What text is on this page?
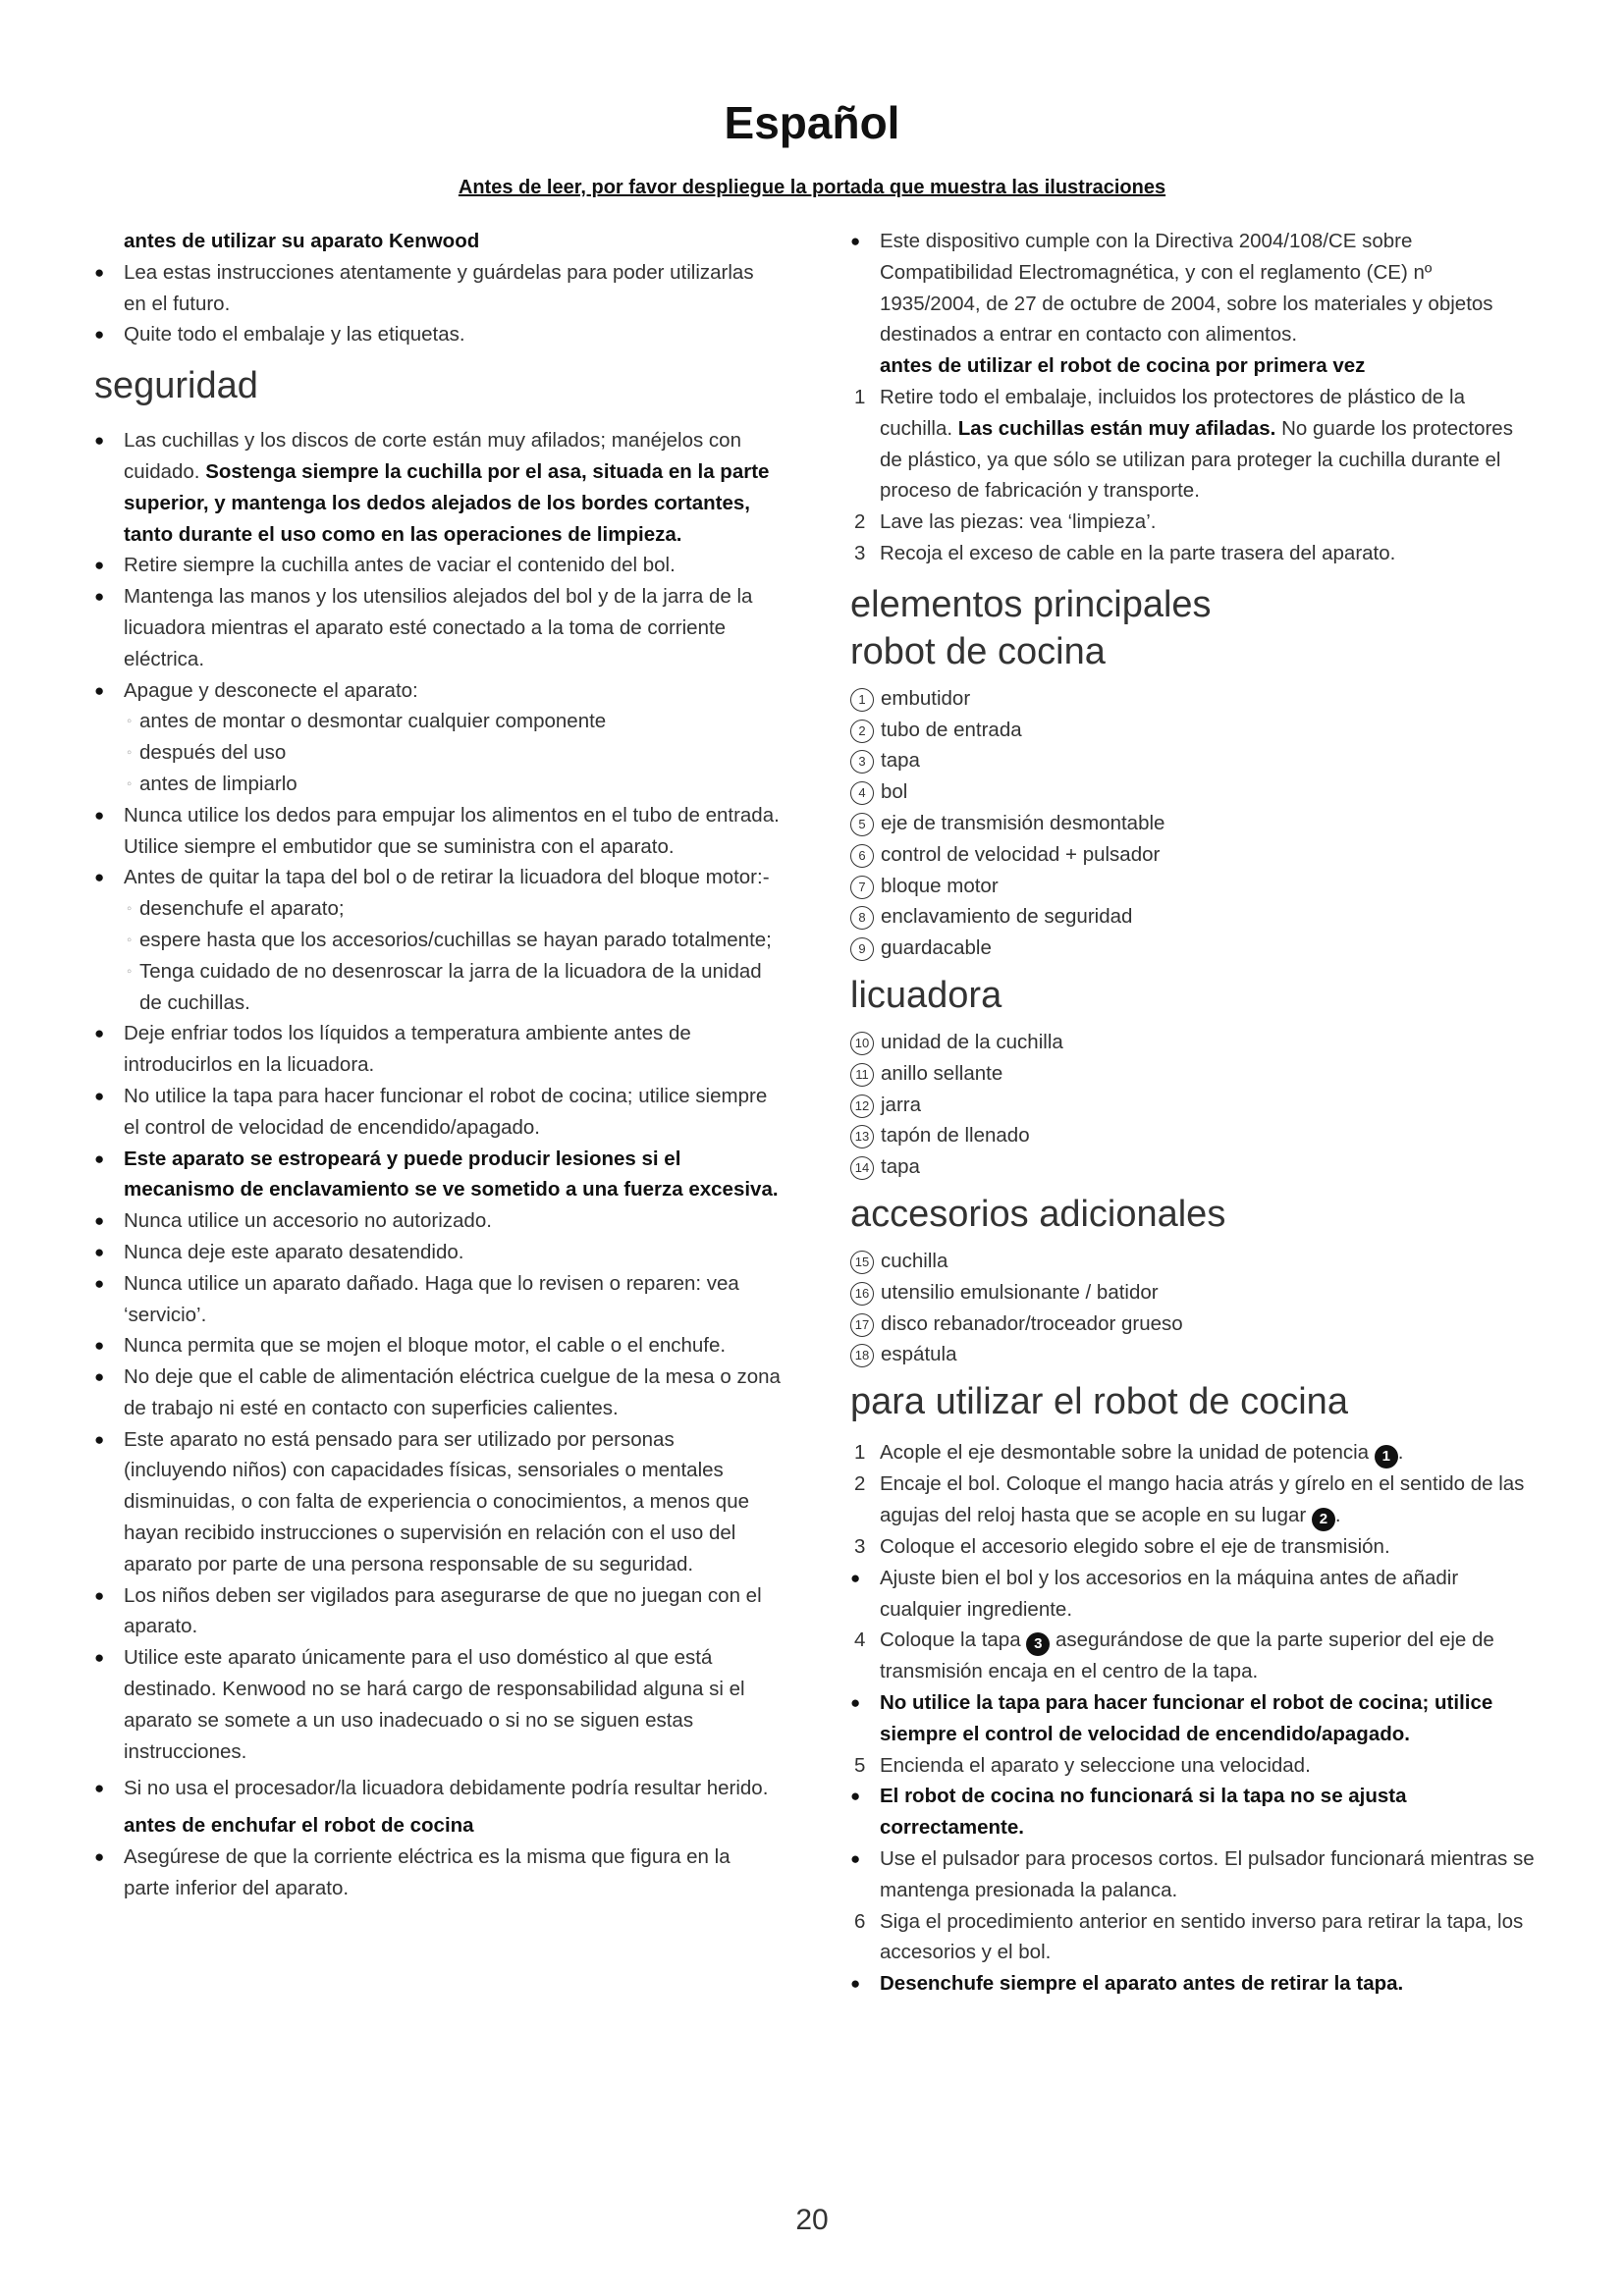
Español
Antes de leer, por favor despliegue la portada que muestra las ilustraciones

antes de utilizar su aparato Kenwood

● Lea estas instrucciones atentamente y guárdelas para poder utilizarlas en el futuro.

● Quite todo el embalaje y las etiquetas.

seguridad

● Las cuchillas y los discos de corte están muy afilados; manéjelos con cuidado. Sostenga siempre la cuchilla por el asa, situada en la parte superior, y mantenga los dedos alejados de los bordes cortantes, tanto durante el uso como en las operaciones de limpieza.

● Retire siempre la cuchilla antes de vaciar el contenido del bol.

● Mantenga las manos y los utensilios alejados del bol y de la jarra de la licuadora mientras el aparato esté conectado a la toma de corriente eléctrica.

● Apague y desconecte el aparato:

◦ antes de montar o desmontar cualquier componente

◦ después del uso

◦ antes de limpiarlo

● Nunca utilice los dedos para empujar los alimentos en el tubo de entrada. Utilice siempre el embutidor que se suministra con el aparato.

● Antes de quitar la tapa del bol o de retirar la licuadora del bloque motor:-

◦ desenchufe el aparato;

◦ espere hasta que los accesorios/cuchillas se hayan parado totalmente;

◦ Tenga cuidado de no desenroscar la jarra de la licuadora de la unidad de cuchillas.

● Deje enfriar todos los líquidos a temperatura ambiente antes de introducirlos en la licuadora.

● No utilice la tapa para hacer funcionar el robot de cocina; utilice siempre el control de velocidad de encendido/apagado.

● Este aparato se estropeará y puede producir lesiones si el mecanismo de enclavamiento se ve sometido a una fuerza excesiva.

● Nunca utilice un accesorio no autorizado.

● Nunca deje este aparato desatendido.

● Nunca utilice un aparato dañado. Haga que lo revisen o reparen: vea ‘servicio’.

● Nunca permita que se mojen el bloque motor, el cable o el enchufe.

● No deje que el cable de alimentación eléctrica cuelgue de la mesa o zona de trabajo ni esté en contacto con superficies calientes.

● Este aparato no está pensado para ser utilizado por personas (incluyendo niños) con capacidades físicas, sensoriales o mentales disminuidas, o con falta de experiencia o conocimientos, a menos que hayan recibido instrucciones o supervisión en relación con el uso del aparato por parte de una persona responsable de su seguridad.

● Los niños deben ser vigilados para asegurarse de que no juegan con el aparato.

● Utilice este aparato únicamente para el uso doméstico al que está destinado. Kenwood no se hará cargo de responsabilidad alguna si el aparato se somete a un uso inadecuado o si no se siguen estas instrucciones.

● Si no usa el procesador/la licuadora debidamente podría resultar herido.

antes de enchufar el robot de cocina

● Asegúrese de que la corriente eléctrica es la misma que figura en la parte inferior del aparato.

● Este dispositivo cumple con la Directiva 2004/108/CE sobre Compatibilidad Electromagnética, y con el reglamento (CE) nº 1935/2004, de 27 de octubre de 2004, sobre los materiales y objetos destinados a entrar en contacto con alimentos.

antes de utilizar el robot de cocina por primera vez

1 Retire todo el embalaje, incluidos los protectores de plástico de la cuchilla. Las cuchillas están muy afiladas. No guarde los protectores de plástico, ya que sólo se utilizan para proteger la cuchilla durante el proceso de fabricación y transporte.

2 Lave las piezas: vea ‘limpieza’.

3 Recoja el exceso de cable en la parte trasera del aparato.

elementos principales
robot de cocina

1 embutidor

2 tubo de entrada

3 tapa

4 bol

5 eje de transmisión desmontable

6 control de velocidad + pulsador

7 bloque motor

8 enclavamiento de seguridad

9 guardacable

licuadora

10 unidad de la cuchilla

11 anillo sellante

12 jarra

13 tapón de llenado

14 tapa

accesorios adicionales

15 cuchilla

16 utensilio emulsionante / batidor

17 disco rebanador/troceador grueso

18 espátula

para utilizar el robot de cocina

1 Acople el eje desmontable sobre la unidad de potencia 1 .

2 Encaje el bol. Coloque el mango hacia atrás y gírelo en el sentido de las agujas del reloj hasta que se acople en su lugar 2 .

3 Coloque el accesorio elegido sobre el eje de transmisión.

● Ajuste bien el bol y los accesorios en la máquina antes de añadir cualquier ingrediente.

4 Coloque la tapa 3 asegurándose de que la parte superior del eje de transmisión encaja en el centro de la tapa.

● No utilice la tapa para hacer funcionar el robot de cocina; utilice siempre el control de velocidad de encendido/apagado.

5 Encienda el aparato y seleccione una velocidad.

● El robot de cocina no funcionará si la tapa no se ajusta correctamente.

● Use el pulsador para procesos cortos. El pulsador funcionará mientras se mantenga presionada la palanca.

6 Siga el procedimiento anterior en sentido inverso para retirar la tapa, los accesorios y el bol.

● Desenchufe siempre el aparato antes de retirar la tapa.

20
